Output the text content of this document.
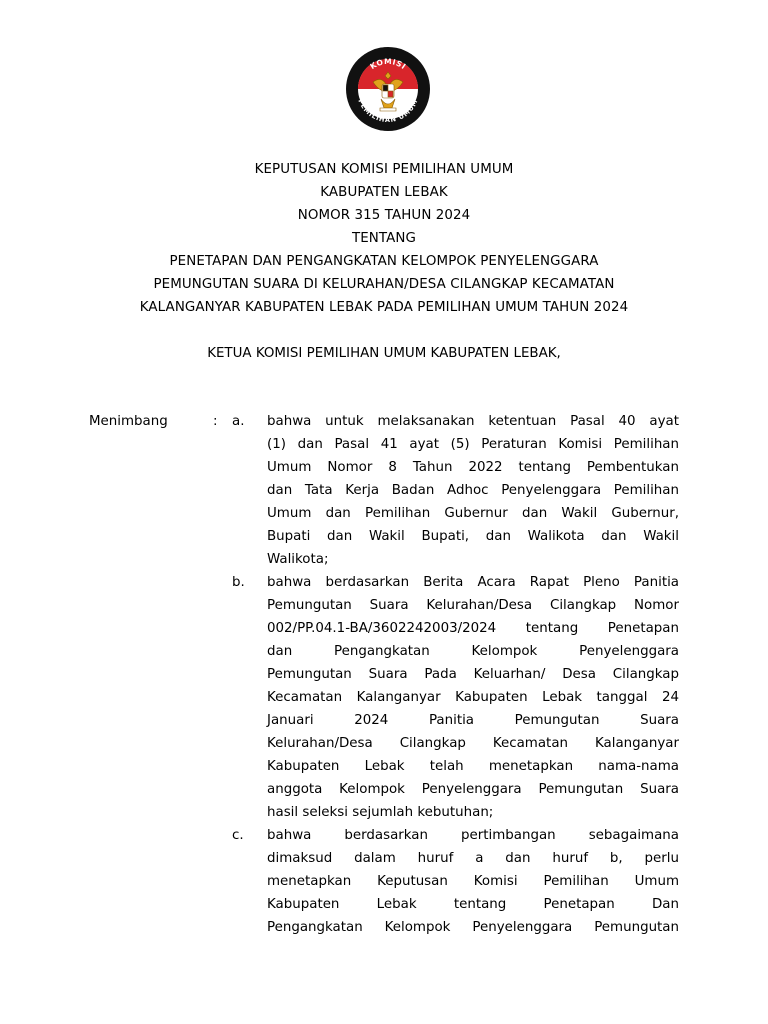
KOMISI
PEMILIHAN UMUM
KEPUTUSAN KOMISI PEMILIHAN UMUM
KABUPATEN LEBAK
NOMOR 315 TAHUN 2024
TENTANG
PENETAPAN DAN PENGANGKATAN KELOMPOK PENYELENGGARA
PEMUNGUTAN SUARA DI KELURAHAN/DESA CILANGKAP KECAMATAN
KALANGANYAR KABUPATEN LEBAK PADA PEMILIHAN UMUM TAHUN 2024
KETUA KOMISI PEMILIHAN UMUM KABUPATEN LEBAK,
Menimbang	: a. bahwa untuk melaksanakan ketentuan Pasal 40 ayat
(1) dan Pasal 41 ayat (5) Peraturan Komisi Pemilihan
Umum Nomor 8 Tahun 2022 tentang Pembentukan
dan Tata Kerja Badan Adhoc Penyelenggara Pemilihan
Umum dan Pemilihan Gubernur dan Wakil Gubernur,
Bupati dan Wakil Bupati, dan Walikota dan Wakil
Walikota;
b. bahwa berdasarkan Berita Acara Rapat Pleno Panitia
Pemungutan Suara Kelurahan/Desa Cilangkap Nomor
002/PP.04.1-BA/3602242003/2024 tentang Penetapan
dan Pengangkatan Kelompok Penyelenggara
Pemungutan Suara Pada Keluarhan/ Desa Cilangkap
Kecamatan Kalanganyar Kabupaten Lebak tanggal 24
Januari 2024 Panitia Pemungutan Suara
Kelurahan/Desa Cilangkap Kecamatan Kalanganyar
Kabupaten Lebak telah menetapkan nama-nama
anggota Kelompok Penyelenggara Pemungutan Suara
hasil seleksi sejumlah kebutuhan;
c. bahwa berdasarkan pertimbangan sebagaimana
dimaksud dalam huruf a dan huruf b, perlu
menetapkan Keputusan Komisi Pemilihan Umum
Kabupaten Lebak tentang Penetapan Dan
Pengangkatan Kelompok Penyelenggara Pemungutan
